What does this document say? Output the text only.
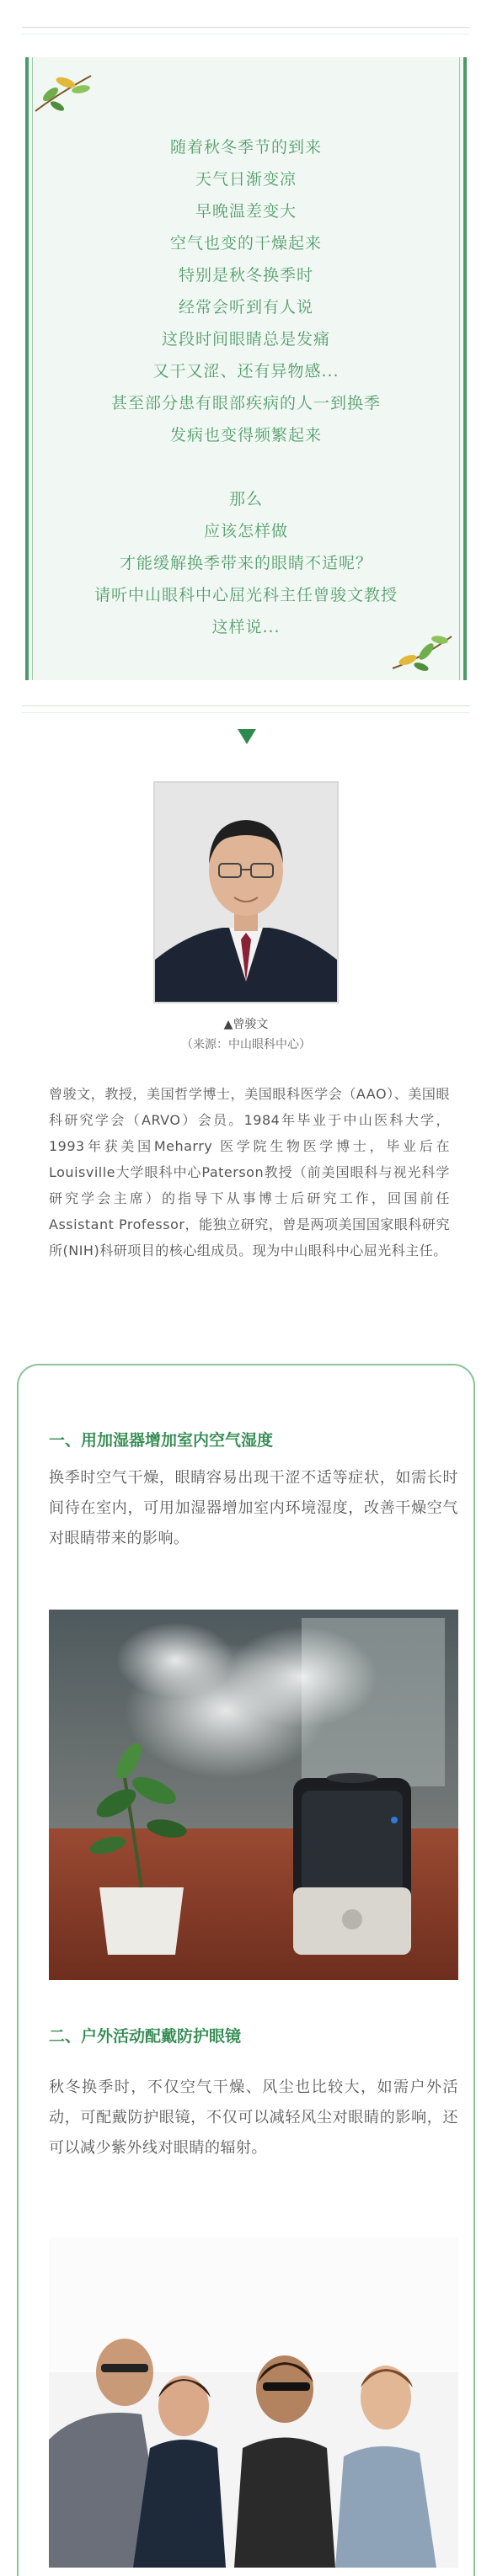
随着秋冬季节的到来

天气日渐变凉

早晚温差变大

空气也变的干燥起来

特别是秋冬换季时

经常会听到有人说

这段时间眼睛总是发痛

又干又涩、还有异物感...

甚至部分患有眼部疾病的人一到换季

发病也变得频繁起来

那么

应该怎样做

才能缓解换季带来的眼睛不适呢？

请听中山眼科中心屈光科主任曾骏文教授

这样说...

▲曾骏文
（来源：中山眼科中心）
曾骏文，教授，美国哲学博士，美国眼科医学会（AAO）、美国眼科研究学会（ARVO）会员。1984年毕业于中山医科大学，1993年获美国Meharry 医学院生物医学博士，毕业后在Louisville大学眼科中心Paterson教授（前美国眼科与视光科学研究学会主席）的指导下从事博士后研究工作，回国前任Assistant Professor，能独立研究，曾是两项美国国家眼科研究所(NIH)科研项目的核心组成员。现为中山眼科中心屈光科主任。
一、用加湿器增加室内空气湿度
换季时空气干燥，眼睛容易出现干涩不适等症状，如需长时间待在室内，可用加湿器增加室内环境湿度，改善干燥空气对眼睛带来的影响。
二、户外活动配戴防护眼镜
秋冬换季时，不仅空气干燥、风尘也比较大，如需户外活动，可配戴防护眼镜，不仅可以减轻风尘对眼睛的影响，还可以减少紫外线对眼睛的辐射。
